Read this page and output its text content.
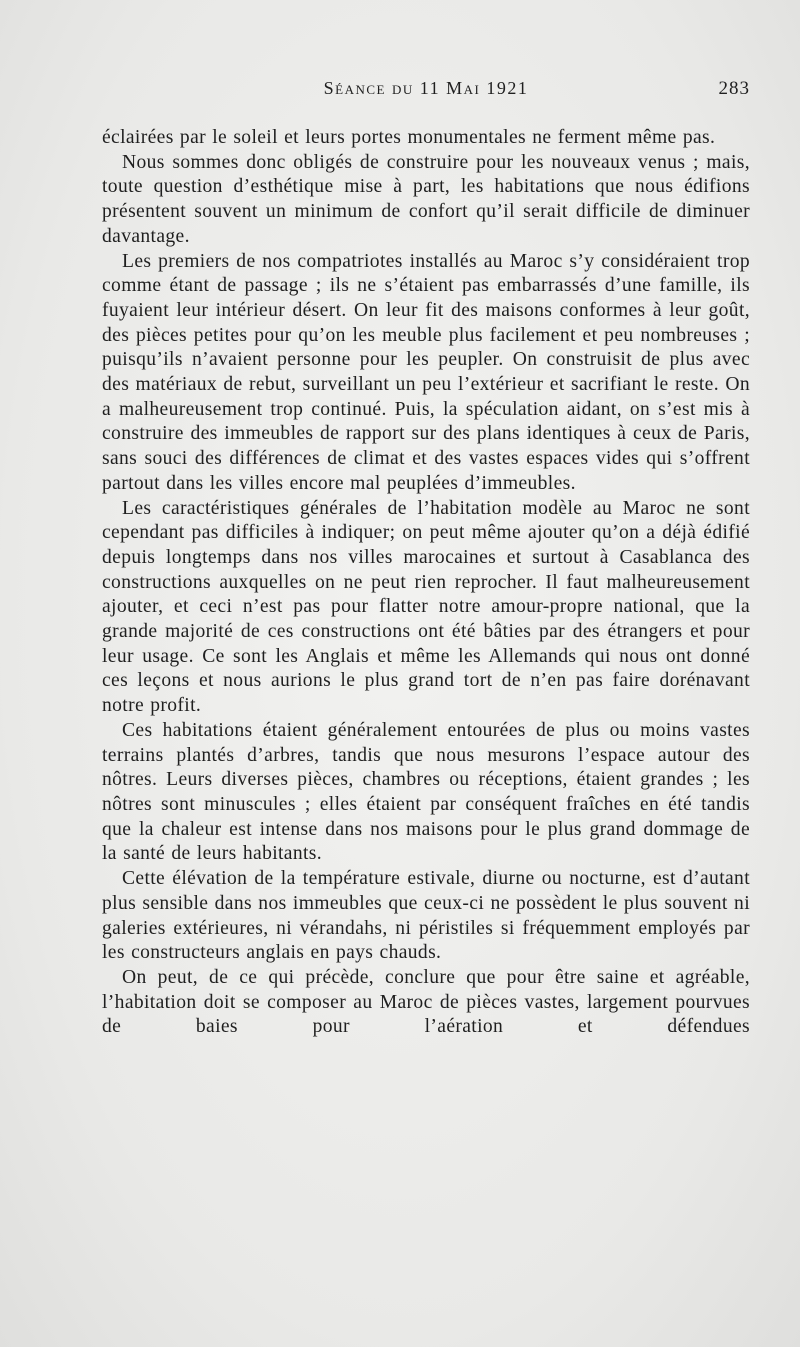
Séance du 11 Mai 1921	283

éclairées par le soleil et leurs portes monumentales ne ferment même pas.

Nous sommes donc obligés de construire pour les nouveaux venus ; mais, toute question d’esthétique mise à part, les habitations que nous édifions présentent souvent un minimum de confort qu’il serait difficile de diminuer davantage.

Les premiers de nos compatriotes installés au Maroc s’y considéraient trop comme étant de passage ; ils ne s’étaient pas embarrassés d’une famille, ils fuyaient leur intérieur désert. On leur fit des maisons conformes à leur goût, des pièces petites pour qu’on les meuble plus facilement et peu nombreuses ; puisqu’ils n’avaient personne pour les peupler. On construisit de plus avec des matériaux de rebut, surveillant un peu l’extérieur et sacrifiant le reste. On a malheureusement trop continué. Puis, la spéculation aidant, on s’est mis à construire des immeubles de rapport sur des plans identiques à ceux de Paris, sans souci des différences de climat et des vastes espaces vides qui s’offrent partout dans les villes encore mal peuplées d’immeubles.

Les caractéristiques générales de l’habitation modèle au Maroc ne sont cependant pas difficiles à indiquer; on peut même ajouter qu’on a déjà édifié depuis longtemps dans nos villes marocaines et surtout à Casablanca des constructions auxquelles on ne peut rien reprocher. Il faut malheureusement ajouter, et ceci n’est pas pour flatter notre amour-propre national, que la grande majorité de ces constructions ont été bâties par des étrangers et pour leur usage. Ce sont les Anglais et même les Allemands qui nous ont donné ces leçons et nous aurions le plus grand tort de n’en pas faire dorénavant notre profit.

Ces habitations étaient généralement entourées de plus ou moins vastes terrains plantés d’arbres, tandis que nous mesurons l’espace autour des nôtres. Leurs diverses pièces, chambres ou réceptions, étaient grandes ; les nôtres sont minuscules ; elles étaient par conséquent fraîches en été tandis que la chaleur est intense dans nos maisons pour le plus grand dommage de la santé de leurs habitants.

Cette élévation de la température estivale, diurne ou nocturne, est d’autant plus sensible dans nos immeubles que ceux-ci ne possèdent le plus souvent ni galeries extérieures, ni vérandahs, ni péristiles si fréquemment employés par les constructeurs anglais en pays chauds.

On peut, de ce qui précède, conclure que pour être saine et agréable, l’habitation doit se composer au Maroc de pièces vastes, largement pourvues de baies pour l’aération et défendues
